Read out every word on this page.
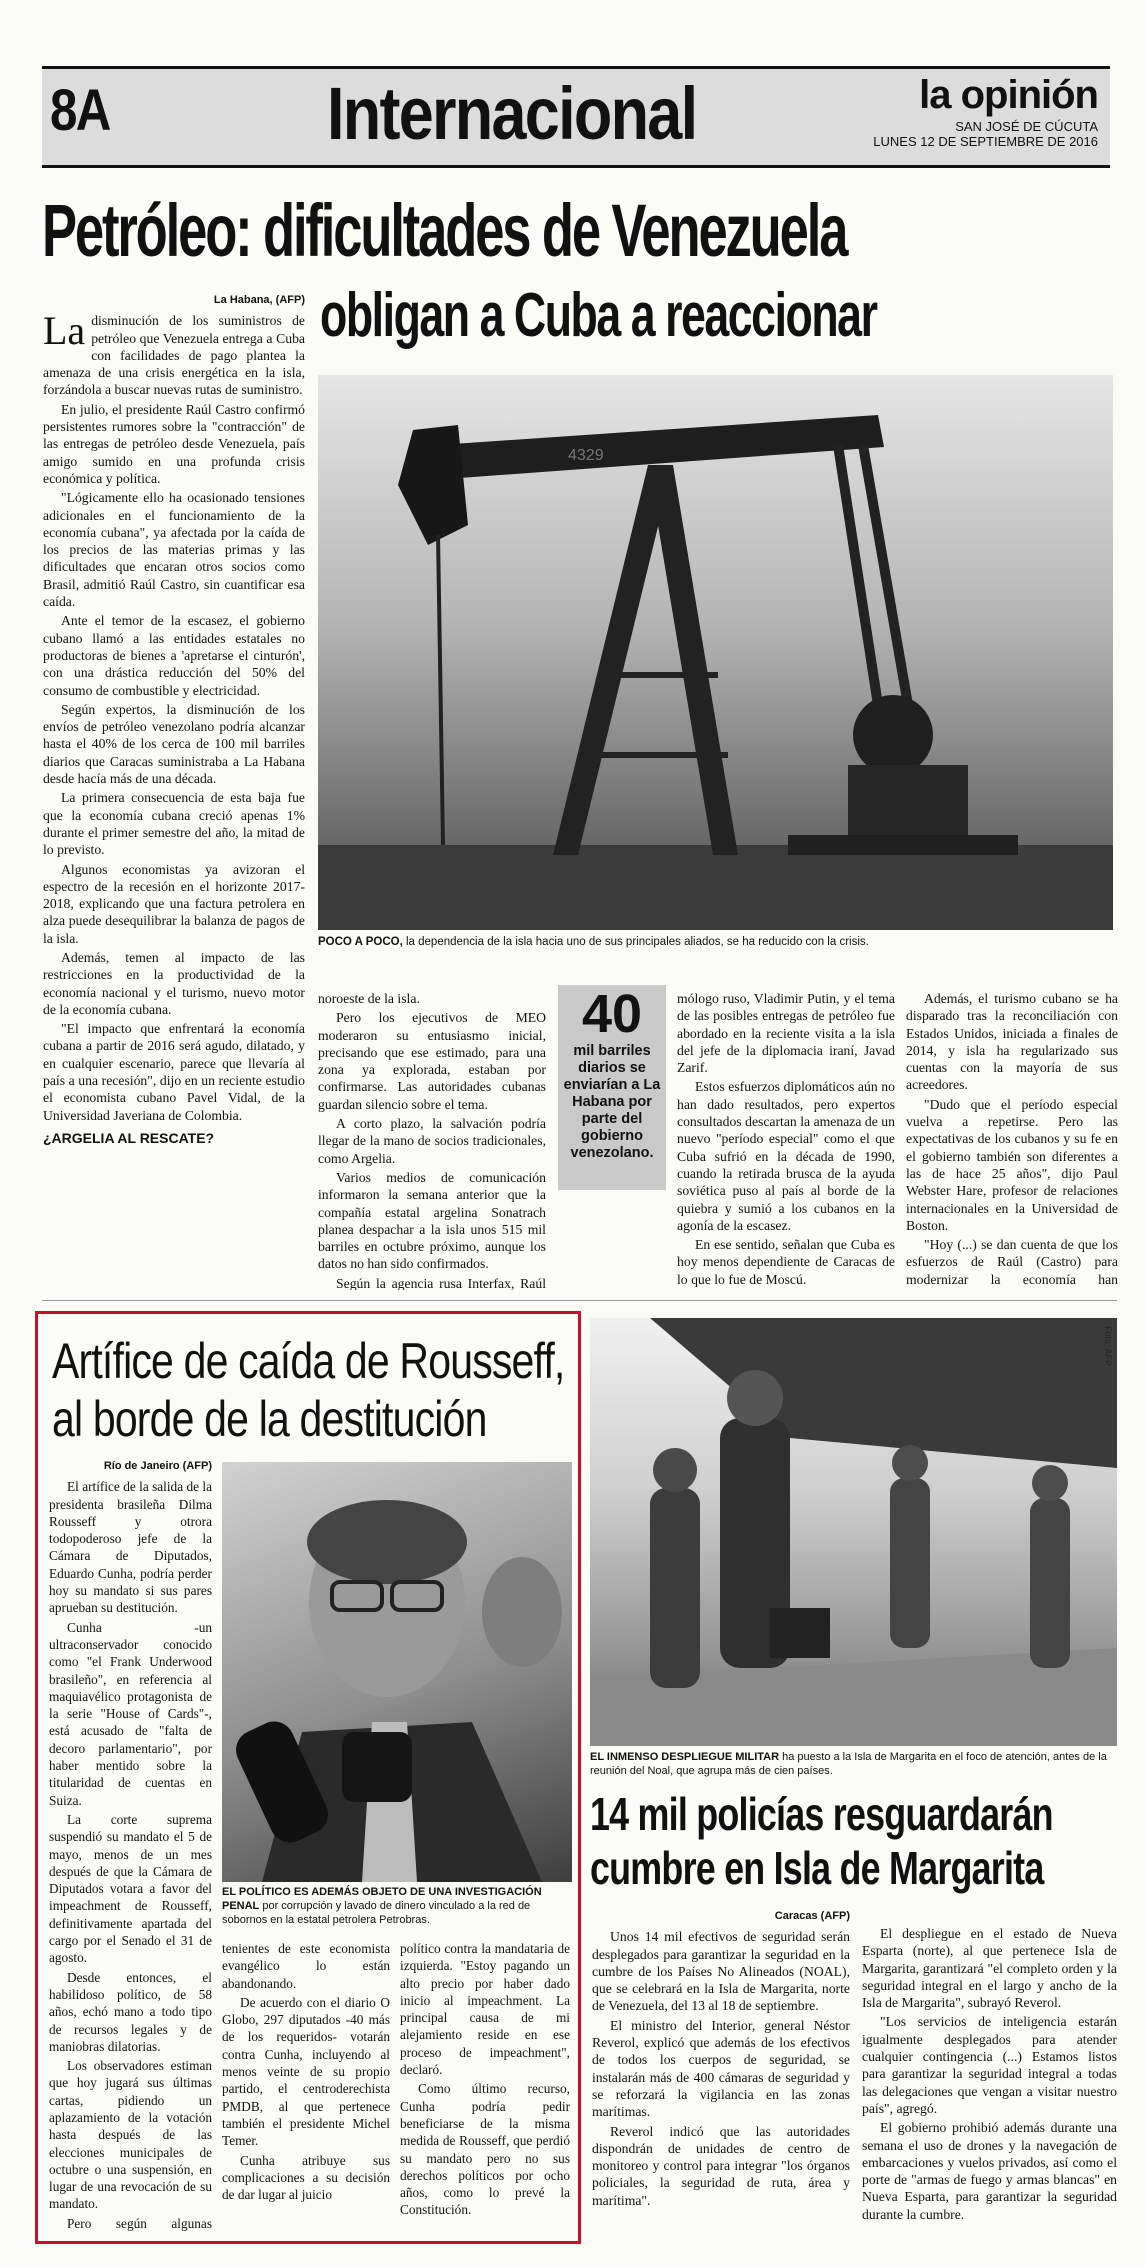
8A	Internacional	la opinión
SAN JOSÉ DE CÚCUTA
LUNES 12 DE SEPTIEMBRE DE 2016
Petróleo: dificultades de Venezuela
obligan a Cuba a reaccionar
La Habana, (AFP)

La disminución de los suministros de petróleo que Venezuela entrega a Cuba con facilidades de pago plantea la amenaza de una crisis energética en la isla, forzándola a buscar nuevas rutas de suministro.

En julio, el presidente Raúl Castro confirmó persistentes rumores sobre la "contracción" de las entregas de petróleo desde Venezuela, país amigo sumido en una profunda crisis económica y política.

"Lógicamente ello ha ocasionado tensiones adicionales en el funcionamiento de la economía cubana", ya afectada por la caída de los precios de las materias primas y las dificultades que encaran otros socios como Brasil, admitió Raúl Castro, sin cuantificar esa caída.

Ante el temor de la escasez, el gobierno cubano llamó a las entidades estatales no productoras de bienes a 'apretarse el cinturón', con una drástica reducción del 50% del consumo de combustible y electricidad.

Según expertos, la disminución de los envíos de petróleo venezolano podría alcanzar hasta el 40% de los cerca de 100 mil barriles diarios que Caracas suministraba a La Habana desde hacía más de una década.

La primera consecuencia de esta baja fue que la economía cubana creció apenas 1% durante el primer semestre del año, la mitad de lo previsto.

Algunos economistas ya avizoran el espectro de la recesión en el horizonte 2017-2018, explicando que una factura petrolera en alza puede desequilibrar la balanza de pagos de la isla.

Además, temen al impacto de las restricciones en la productividad de la economía nacional y el turismo, nuevo motor de la economía cubana.

"El impacto que enfrentará la economía cubana a partir de 2016 será agudo, dilatado, y en cualquier escenario, parece que llevaría al país a una recesión", dijo en un reciente estudio el economista cubano Pavel Vidal, de la Universidad Javeriana de Colombia.

¿ARGELIA AL RESCATE?

4329
POCO A POCO, la dependencia de la isla hacia uno de sus principales aliados, se ha reducido con la crisis.

noroeste de la isla.

Pero los ejecutivos de MEO moderaron su entusiasmo inicial, precisando que ese estimado, para una zona ya explorada, estaban por confirmarse. Las autoridades cubanas guardan silencio sobre el tema.

A corto plazo, la salvación podría llegar de la mano de socios tradicionales, como Argelia.

Varios medios de comunicación informaron la semana anterior que la compañía estatal argelina Sonatrach planea despachar a la isla unos 515 mil barriles en octubre próximo, aunque los datos no han sido confirmados.

Según la agencia rusa Interfax, Raúl

40
mil barriles diarios se enviarían a La Habana por parte del gobierno venezolano.

mólogo ruso, Vladimir Putin, y el tema de las posibles entregas de petróleo fue abordado en la reciente visita a la isla del jefe de la diplomacia iraní, Javad Zarif.

Estos esfuerzos diplomáticos aún no han dado resultados, pero expertos consultados descartan la amenaza de un nuevo "período especial" como el que Cuba sufrió en la década de 1990, cuando la retirada brusca de la ayuda soviética puso al país al borde de la quiebra y sumió a los cubanos en la agonía de la escasez.

En ese sentido, señalan que Cuba es hoy menos dependiente de Caracas de lo que lo fue de Moscú.

Además, el turismo cubano se ha disparado tras la reconciliación con Estados Unidos, iniciada a finales de 2014, y isla ha regularizado sus cuentas con la mayoría de sus acreedores.

"Dudo que el período especial vuelva a repetirse. Pero las expectativas de los cubanos y su fe en el gobierno también son diferentes a las de hace 25 años", dijo Paul Webster Hare, profesor de relaciones internacionales en la Universidad de Boston.

"Hoy (...) se dan cuenta de que los esfuerzos de Raúl (Castro) para modernizar la economía han

Artífice de caída de Rousseff,
al borde de la destitución
Río de Janeiro (AFP)

El artífice de la salida de la presidenta brasileña Dilma Rousseff y otrora todopoderoso jefe de la Cámara de Diputados, Eduardo Cunha, podría perder hoy su mandato si sus pares aprueban su destitución.

Cunha -un ultraconservador conocido como "el Frank Underwood brasileño", en referencia al maquiavélico protagonista de la serie "House of Cards"-, está acusado de "falta de decoro parlamentario", por haber mentido sobre la titularidad de cuentas en Suiza.

La corte suprema suspendió su mandato el 5 de mayo, menos de un mes después de que la Cámara de Diputados votara a favor del impeachment de Rousseff, definitivamente apartada del cargo por el Senado el 31 de agosto.

Desde entonces, el habilidoso político, de 58 años, echó mano a todo tipo de recursos legales y de maniobras dilatorias.

Los observadores estiman que hoy jugará sus últimas cartas, pidiendo un aplazamiento de la votación hasta después de las elecciones municipales de octubre o una suspensión, en lugar de una revocación de su mandato.

Pero según algunas

EL POLÍTICO ES ADEMÁS OBJETO DE UNA INVESTIGACIÓN PENAL por corrupción y lavado de dinero vinculado a la red de sobornos en la estatal petrolera Petrobras.

tenientes de este economista evangélico lo están abandonando.

De acuerdo con el diario O Globo, 297 diputados -40 más de los requeridos- votarán contra Cunha, incluyendo al menos veinte de su propio partido, el centroderechista PMDB, al que pertenece también el presidente Michel Temer.

Cunha atribuye sus complicaciones a su decisión de dar lugar al juicio

político contra la mandataria de izquierda. "Estoy pagando un alto precio por haber dado inicio al impeachment. La principal causa de mi alejamiento reside en ese proceso de impeachment", declaró.

Como último recurso, Cunha podría pedir beneficiarse de la misma medida de Rousseff, que perdió su mandato pero no sus derechos políticos por ocho años, como lo prevé la Constitución.

Foto: AFP
EL INMENSO DESPLIEGUE MILITAR ha puesto a la Isla de Margarita en el foco de atención, antes de la reunión del Noal, que agrupa más de cien países.
14 mil policías resguardarán
cumbre en Isla de Margarita
Caracas (AFP)

Unos 14 mil efectivos de seguridad serán desplegados para garantizar la seguridad en la cumbre de los Países No Alineados (NOAL), que se celebrará en la Isla de Margarita, norte de Venezuela, del 13 al 18 de septiembre.

El ministro del Interior, general Néstor Reverol, explicó que además de los efectivos de todos los cuerpos de seguridad, se instalarán más de 400 cámaras de seguridad y se reforzará la vigilancia en las zonas marítimas.

Reverol indicó que las autoridades dispondrán de unidades de centro de monitoreo y control para integrar "los órganos policiales, la seguridad de ruta, área y marítima".

El despliegue en el estado de Nueva Esparta (norte), al que pertenece Isla de Margarita, garantizará "el completo orden y la seguridad integral en el largo y ancho de la Isla de Margarita", subrayó Reverol.

"Los servicios de inteligencia estarán igualmente desplegados para atender cualquier contingencia (...) Estamos listos para garantizar la seguridad integral a todas las delegaciones que vengan a visitar nuestro país", agregó.

El gobierno prohibió además durante una semana el uso de drones y la navegación de embarcaciones y vuelos privados, así como el porte de "armas de fuego y armas blancas" en Nueva Esparta, para garantizar la seguridad durante la cumbre.
